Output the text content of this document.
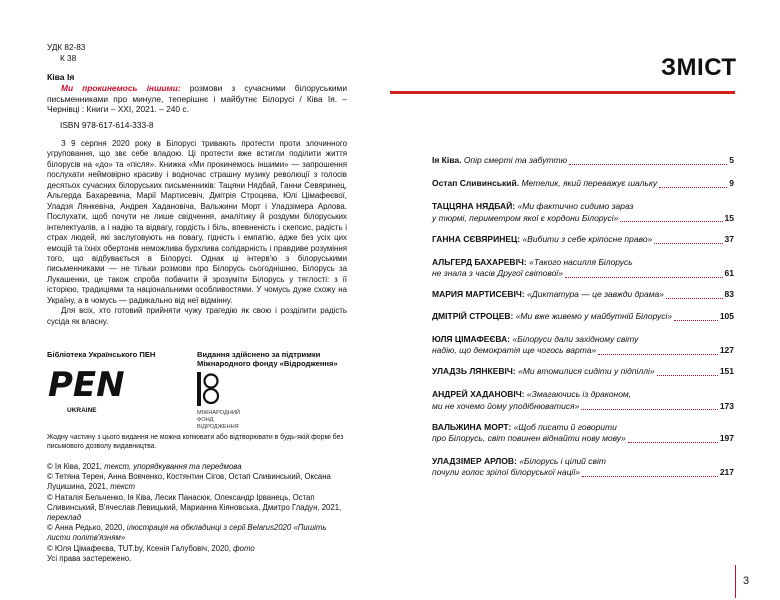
УДК 82-83
К 38
Ківа Ія
Ми прокинемось іншими: розмови з сучасними білоруськими письменниками про минуле, теперішнє і майбутнє Білорусі / Ківа Ія. – Чернівці : Книги – ХХІ, 2021. – 240 с.
ISBN 978-617-614-333-8

З 9 серпня 2020 року в Білорусі тривають протести проти злочинного угруповання, що звє себе владою. Ці протести вже встигли поділити життя білорусів на «до» та «після». Книжка «Ми прокинемось іншими» — запрошення послухати неймовірно красиву і водночас страшну музику революції з голосів десятьох сучасних білоруських письменників: Тацяни Нядбай, Ганни Севяринец, Альгерда Бахаревича, Марії Мартисевіч, Дмітрія Строцева, Юлі Цімафеєвої, Уладзя Лянкевіча, Андрея Хадановіча, Вальжини Морт і Уладзімера Арлова. Послухати, щоб почути не лише свідчення, аналітику й роздуми білоруських інтелектуалів, а і надію та відвагу, гордість і біль, впевненість і скепсис, радість і страх людей, які заслуговують на повагу, гідність і емпатію, адже без усіх цих емоцій та їхніх обертонів неможлива бурхлива солідарність і правдиве розуміння того, що відбувається в Білорусі. Однак ці інтерв'ю з білоруськими письменниками — не тільки розмови про Білорусь сьогоднішню, Білорусь за Лукашенки, це також спроба побачити й зрозуміти Білорусь у тяглості: з її історією, традиціями та національними особливостями. У чомусь дуже схожу на Україну, а в чомусь — радикально від неї відмінну.

Для всіх, хто готовий прийняти чужу трагедію як свою і розділити радість сусіда як власну.

Бібліотека Українського ПЕН
PEN
UKRAINE
Видання здійснено за підтримки
Міжнародного фонду «Відродження»
МІЖНАРОДНИЙ
ФОНД
ВІДРОДЖЕННЯ
Жодну частину з цього видання не можна копіювати або відтворювати в будь-якій формі без письмового дозволу видавництва.
© Ія Ківа, 2021, текст, упорядкування та передмова
© Тетяна Терен, Анна Вовченко, Костянтин Сігов, Остап Сливинський, Оксана Луцишина, 2021, текст
© Наталія Бельченко, Ія Ківа, Лесик Панасюк, Олександр Ірванець, Остап Сливинський, В'ячеслав Левицький, Марианна Кіяновська, Дмитро Гладун, 2021, переклад
© Анна Редько, 2020, ілюстрація на обкладинці з серії Belarus2020 «Пишіть листи політв'язням»
© Юля Цімафеєва, TUT.by, Ксенія Галубовіч, 2020, фото
Усі права застережено.
ЗМІСТ
Ія Ківа. Опір смерті та забуттю	5
Остап Сливинський. Метелик, який переважує шальку	9
ТАЦЦЯНА НЯДБАЙ: «Ми фактично сидимо зараз
у тюрмі, периметром якої є кордони Білорусі»	15
ГАННА СЄВЯРИНЕЦ: «Вибити з себе кріпосне право»	37
АЛЬГЕРД БАХАРЕВІЧ: «Такого насилля Білорусь
не знала з часів Другої світової»	61
МАРИЯ МАРТИСЕВІЧ: «Диктатура — це завжди драма»	83
ДМІТРІЙ СТРОЦЕВ: «Ми вже живемо у майбутній Білорусі»	105
ЮЛЯ ЦІМАФЕЄВА: «Білоруси дали західному світу
надію, що демократія ще чогось варта»	127
УЛАДЗЬ ЛЯНКЕВІЧ: «Ми втомилися сидіти у підпіллі»	151
АНДРЕЙ ХАДАНОВІЧ: «Змагаючись із драконом,
ми не хочемо йому уподібнюватися»	173
ВАЛЬЖИНА МОРТ: «Щоб писати й говорити
про Білорусь, світ повинен віднайти нову мову»	197
УЛАДЗІМЕР АРЛОВ: «Білорусь і цілий світ
почули голос зрілої білоруської нації»	217
3
